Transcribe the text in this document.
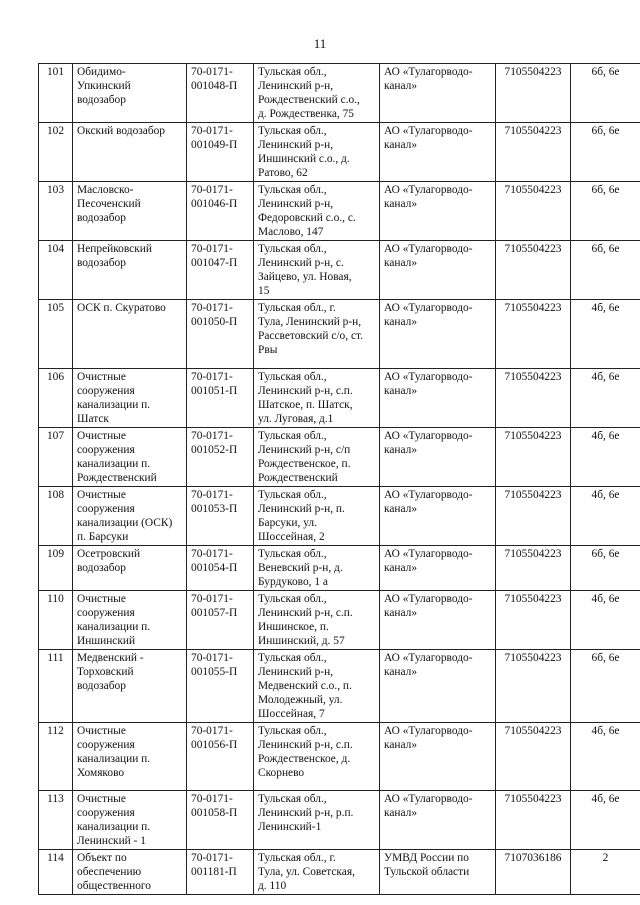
11
101	Обидимо-
Упкинский
водозабор	70-0171-
001048-П	Тульская обл.,
Ленинский р-н,
Рождественский с.о.,
д. Рождественка, 75	АО «Тулагорводо-
канал»	7105504223	6б, 6е
102	Окский водозабор	70-0171-
001049-П	Тульская обл.,
Ленинский р-н,
Иншинский с.о., д.
Ратово, 62	АО «Тулагорводо-
канал»	7105504223	6б, 6е
103	Масловско-
Песоченский
водозабор	70-0171-
001046-П	Тульская обл.,
Ленинский р-н,
Федоровский с.о., с.
Маслово, 147	АО «Тулагорводо-
канал»	7105504223	6б, 6е
104	Непрейковский
водозабор	70-0171-
001047-П	Тульская обл.,
Ленинский р-н, с.
Зайцево, ул. Новая,
15	АО «Тулагорводо-
канал»	7105504223	6б, 6е
105	ОСК п. Скуратово	70-0171-
001050-П	Тульская обл., г.
Тула, Ленинский р-н,
Рассветовский с/о, ст.
Рвы	АО «Тулагорводо-
канал»	7105504223	4б, 6е
106	Очистные
сооружения
канализации п.
Шатск	70-0171-
001051-П	Тульская обл.,
Ленинский р-н, с.п.
Шатское, п. Шатск,
ул. Луговая, д.1	АО «Тулагорводо-
канал»	7105504223	4б, 6е
107	Очистные
сооружения
канализации п.
Рождественский	70-0171-
001052-П	Тульская обл.,
Ленинский р-н, с/п
Рождественское, п.
Рождественский	АО «Тулагорводо-
канал»	7105504223	4б, 6е
108	Очистные
сооружения
канализации (ОСК)
п. Барсуки	70-0171-
001053-П	Тульская обл.,
Ленинский р-н, п.
Барсуки, ул.
Шоссейная, 2	АО «Тулагорводо-
канал»	7105504223	4б, 6е
109	Осетровский
водозабор	70-0171-
001054-П	Тульская обл.,
Веневский р-н, д.
Бурдуково, 1 а	АО «Тулагорводо-
канал»	7105504223	6б, 6е
110	Очистные
сооружения
канализации п.
Иншинский	70-0171-
001057-П	Тульская обл.,
Ленинский р-н, с.п.
Иншинское, п.
Иншинский, д. 57	АО «Тулагорводо-
канал»	7105504223	4б, 6е
111	Медвенский -
Торховский
водозабор	70-0171-
001055-П	Тульская обл.,
Ленинский р-н,
Медвенский с.о., п.
Молодежный, ул.
Шоссейная, 7	АО «Тулагорводо-
канал»	7105504223	6б, 6е
112	Очистные
сооружения
канализации п.
Хомяково	70-0171-
001056-П	Тульская обл.,
Ленинский р-н, с.п.
Рождественское, д.
Скорнево	АО «Тулагорводо-
канал»	7105504223	4б, 6е
113	Очистные
сооружения
канализации п.
Ленинский - 1	70-0171-
001058-П	Тульская обл.,
Ленинский р-н, р.п.
Ленинский-1	АО «Тулагорводо-
канал»	7105504223	4б, 6е
114	Объект по
обеспечению
общественного	70-0171-
001181-П	Тульская обл., г.
Тула, ул. Советская,
д. 110	УМВД России по
Тульской области	7107036186	2
